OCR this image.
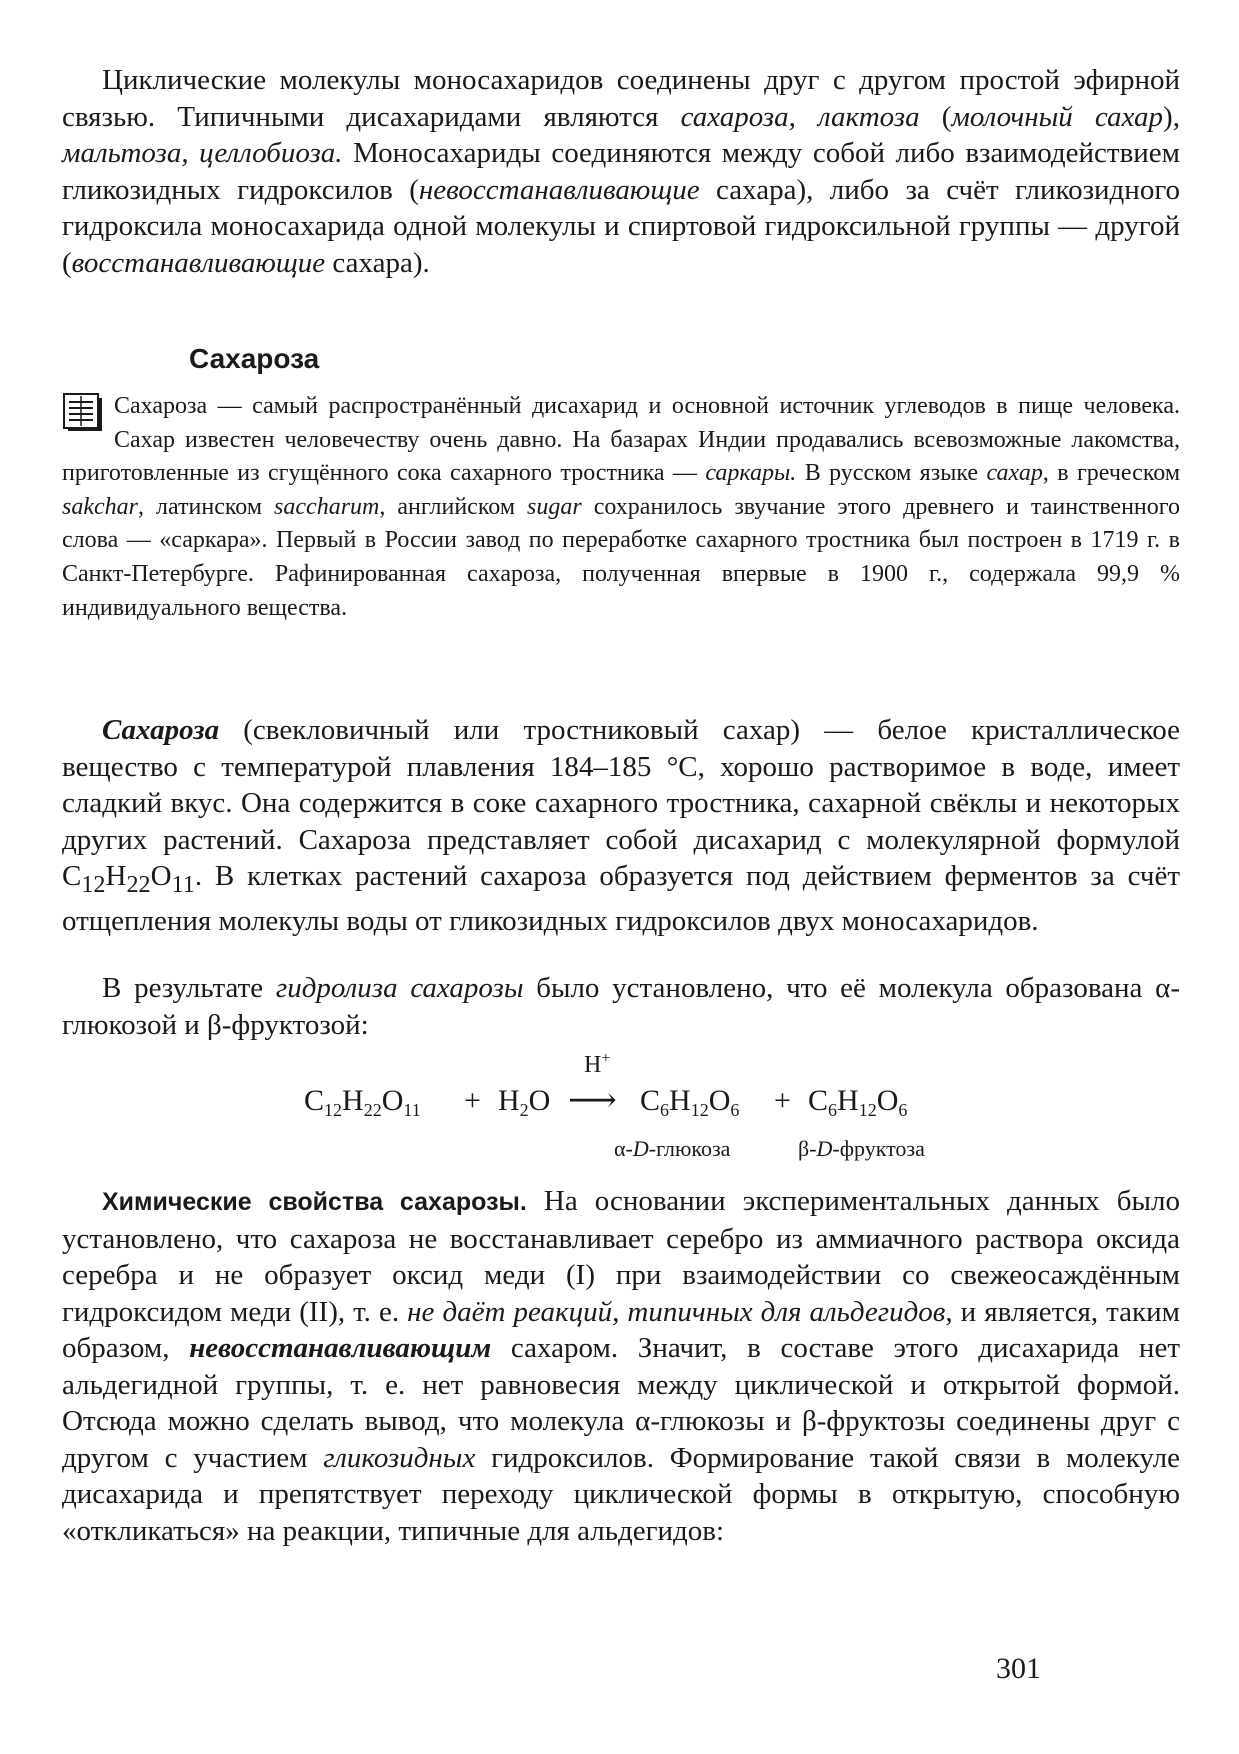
Циклические молекулы моносахаридов соединены друг с другом простой эфирной связью. Типичными дисахаридами являются сахароза, лактоза (молочный сахар), мальтоза, целлобиоза. Моносахариды соединяются между собой либо взаимодействием гликозидных гидроксилов (невосстанавливающие сахара), либо за счёт гликозидного гидроксила моносахарида одной молекулы и спиртовой гидроксильной группы — другой (восстанавливающие сахара).

Сахароза

Сахароза — самый распространённый дисахарид и основной источник углеводов в пище человека. Сахар известен человечеству очень давно. На базарах Индии продавались всевозможные лакомства, приготовленные из сгущённого сока сахарного тростника — саркары. В русском языке сахар, в греческом sakchar, латинском saccharum, английском sugar сохранилось звучание этого древнего и таинственного слова — «саркара». Первый в России завод по переработке сахарного тростника был построен в 1719 г. в Санкт-Петербурге. Рафинированная сахароза, полученная впервые в 1900 г., содержала 99,9 % индивидуального вещества.

Сахароза (свекловичный или тростниковый сахар) — белое кристаллическое вещество с температурой плавления 184–185 °С, хорошо растворимое в воде, имеет сладкий вкус. Она содержится в соке сахарного тростника, сахарной свёклы и некоторых других растений. Сахароза представляет собой дисахарид с молекулярной формулой $С_{12}Н_{22}О_{11}$. В клетках растений сахароза образуется под действием ферментов за счёт отщепления молекулы воды от гликозидных гидроксилов двух моносахаридов.

В результате гидролиза сахарозы было установлено, что её молекула образована α-глюкозой и β-фруктозой:

$C_{12}H_{22}O_{11} + H_2O$
H+
⟶ $C_6H_{12}O_6 + C_6H_{12}O_6$
α-D-глюкоза	β-D-фруктоза

Химические свойства сахарозы. На основании экспериментальных данных было установлено, что сахароза не восстанавливает серебро из аммиачного раствора оксида серебра и не образует оксид меди (I) при взаимодействии со свежеосаждённым гидроксидом меди (II), т. е. не даёт реакций, типичных для альдегидов, и является, таким образом, невосстанавливающим сахаром. Значит, в составе этого дисахарида нет альдегидной группы, т. е. нет равновесия между циклической и открытой формой. Отсюда можно сделать вывод, что молекула α-глюкозы и β-фруктозы соединены друг с другом с участием гликозидных гидроксилов. Формирование такой связи в молекуле дисахарида и препятствует переходу циклической формы в открытую, способную «откликаться» на реакции, типичные для альдегидов:

301
